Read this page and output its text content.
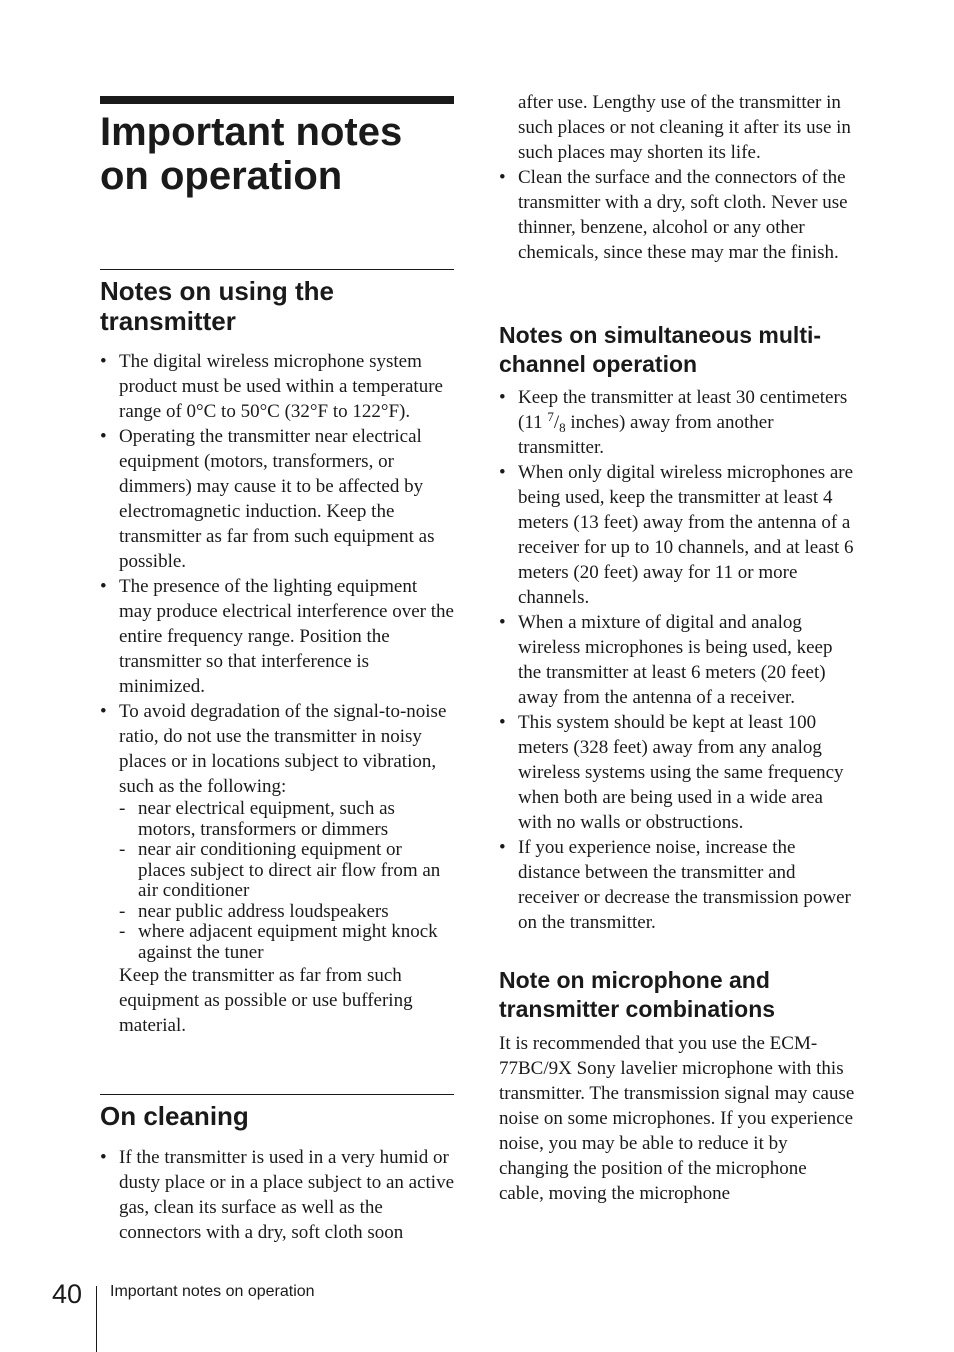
Important notes
on operation
Notes on using the
transmitter
• The digital wireless microphone system product must be used within a temperature range of 0°C to 50°C (32°F to 122°F).
• Operating the transmitter near electrical equipment (motors, transformers, or dimmers) may cause it to be affected by electromagnetic induction. Keep the transmitter as far from such equipment as possible.
• The presence of the lighting equipment may produce electrical interference over the entire frequency range. Position the transmitter so that interference is minimized.
• To avoid degradation of the signal-to-noise ratio, do not use the transmitter in noisy places or in locations subject to vibration, such as the following:
- near electrical equipment, such as motors, transformers or dimmers
- near air conditioning equipment or places subject to direct air flow from an air conditioner
- near public address loudspeakers
- where adjacent equipment might knock against the tuner
Keep the transmitter as far from such equipment as possible or use buffering material.
On cleaning
• If the transmitter is used in a very humid or dusty place or in a place subject to an active gas, clean its surface as well as the connectors with a dry, soft cloth soon

after use. Lengthy use of the transmitter in such places or not cleaning it after its use in such places may shorten its life.

• Clean the surface and the connectors of the transmitter with a dry, soft cloth. Never use thinner, benzene, alcohol or any other chemicals, since these may mar the finish.
Notes on simultaneous multi-
channel operation
• Keep the transmitter at least 30 centimeters (11 $^7/_8$ inches) away from another transmitter.
• When only digital wireless microphones are being used, keep the transmitter at least 4 meters (13 feet) away from the antenna of a receiver for up to 10 channels, and at least 6 meters (20 feet) away for 11 or more channels.
• When a mixture of digital and analog wireless microphones is being used, keep the transmitter at least 6 meters (20 feet) away from the antenna of a receiver.
• This system should be kept at least 100 meters (328 feet) away from any analog wireless systems using the same frequency when both are being used in a wide area with no walls or obstructions.
• If you experience noise, increase the distance between the transmitter and receiver or decrease the transmission power on the transmitter.
Note on microphone and
transmitter combinations

It is recommended that you use the ECM-77BC/9X Sony lavelier microphone with this transmitter. The transmission signal may cause noise on some microphones. If you experience noise, you may be able to reduce it by changing the position of the microphone cable, moving the microphone

40 Important notes on operation
